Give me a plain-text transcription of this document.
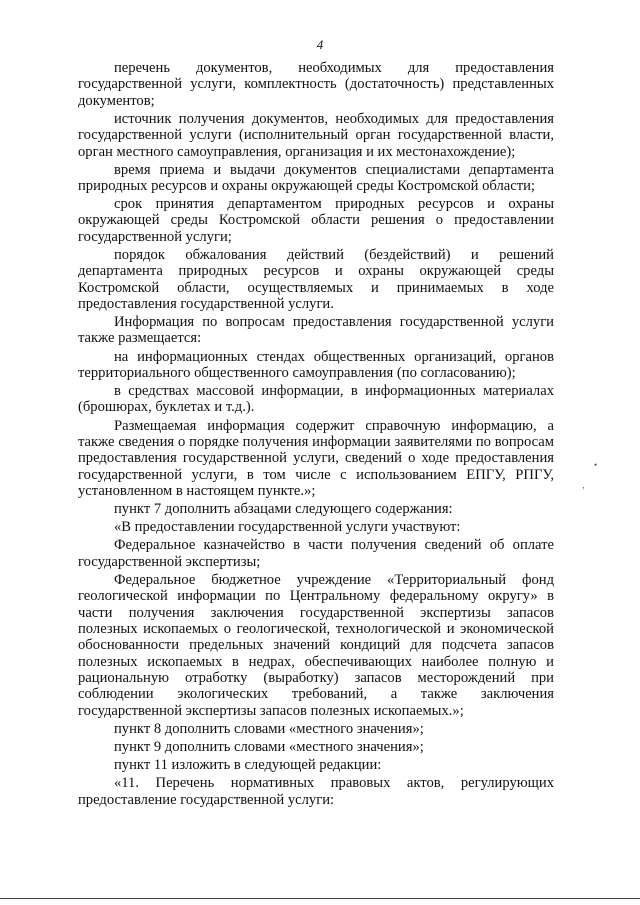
4

перечень документов, необходимых для предоставления государственной услуги, комплектность (достаточность) представленных документов;

источник получения документов, необходимых для предоставления государственной услуги (исполнительный орган государственной власти, орган местного самоуправления, организация и их местонахождение);

время приема и выдачи документов специалистами департамента природных ресурсов и охраны окружающей среды Костромской области;

срок принятия департаментом природных ресурсов и охраны окружающей среды Костромской области решения о предоставлении государственной услуги;

порядок обжалования действий (бездействий) и решений департамента природных ресурсов и охраны окружающей среды Костромской области, осуществляемых и принимаемых в ходе предоставления государственной услуги.

Информация по вопросам предоставления государственной услуги также размещается:

на информационных стендах общественных организаций, органов территориального общественного самоуправления (по согласованию);

в средствах массовой информации, в информационных материалах (брошюрах, буклетах и т.д.).

Размещаемая информация содержит справочную информацию, а также сведения о порядке получения информации заявителями по вопросам предоставления государственной услуги, сведений о ходе предоставления государственной услуги, в том числе с использованием ЕПГУ, РПГУ, установленном в настоящем пункте.»;

пункт 7 дополнить абзацами следующего содержания:

«В предоставлении государственной услуги участвуют:

Федеральное казначейство в части получения сведений об оплате государственной экспертизы;

Федеральное бюджетное учреждение «Территориальный фонд геологической информации по Центральному федеральному округу» в части получения заключения государственной экспертизы запасов полезных ископаемых о геологической, технологической и экономической обоснованности предельных значений кондиций для подсчета запасов полезных ископаемых в недрах, обеспечивающих наиболее полную и рациональную отработку (выработку) запасов месторождений при соблюдении экологических требований, а также заключения государственной экспертизы запасов полезных ископаемых.»;

пункт 8 дополнить словами «местного значения»;

пункт 9 дополнить словами «местного значения»;

пункт 11 изложить в следующей редакции:

«11. Перечень нормативных правовых актов, регулирующих предоставление государственной услуги:

•
‚
